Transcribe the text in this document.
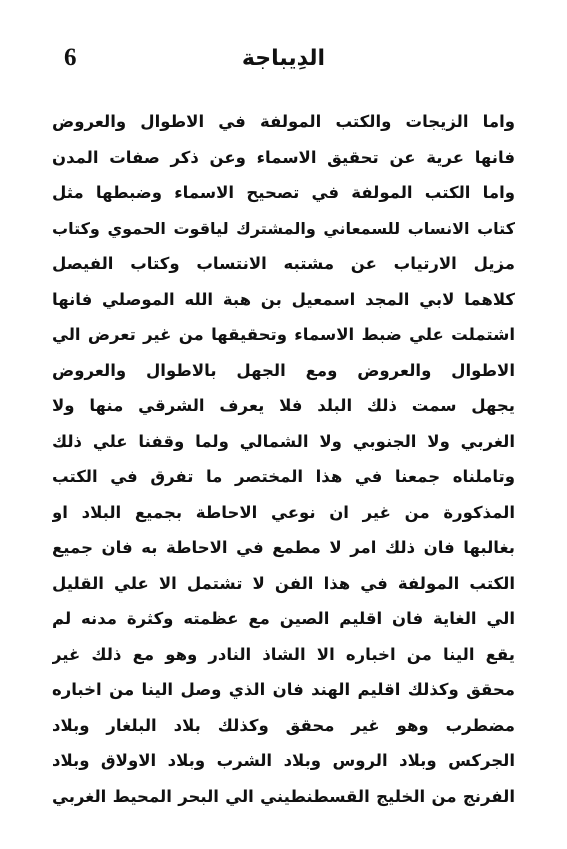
6	الدِيباجة
واما الزيجات والكتب المولفة في الاطوال والعروض
فانها عرية عن تحقيق الاسماء وعن ذكر صفات المدن
واما الكتب المولفة في تصحيح الاسماء وضبطها مثل
كتاب الانساب للسمعاني والمشترك لياقوت الحموي وكتاب
مزيل الارتياب عن مشتبه الانتساب وكتاب الفيصل
كلاهما لابي المجد اسمعيل بن هبة الله الموصلي فانها
اشتملت علي ضبط الاسماء وتحقيقها من غير تعرض الي
الاطوال والعروض ومع الجهل بالاطوال والعروض
يجهل سمت ذلك البلد فلا يعرف الشرقي منها ولا
الغربي ولا الجنوبي ولا الشمالي ولما وقفنا علي ذلك
وتاملناه جمعنا في هذا المختصر ما تفرق في الكتب
المذكورة من غير ان نوعي الاحاطة بجميع البلاد او
بغالبها فان ذلك امر لا مطمع في الاحاطة به فان جميع
الكتب المولفة في هذا الفن لا تشتمل الا علي القليل
الي الغاية فان اقليم الصين مع عظمته وكثرة مدنه لم
يقع الينا من اخباره الا الشاذ النادر وهو مع ذلك غير
محقق وكذلك اقليم الهند فان الذي وصل الينا من اخباره
مضطرب وهو غير محقق وكذلك بلاد البلغار وبلاد
الجركس وبلاد الروس وبلاد الشرب وبلاد الاولاق وبلاد
الفرنج من الخليج القسطنطيني الي البحر المحيط الغربي
